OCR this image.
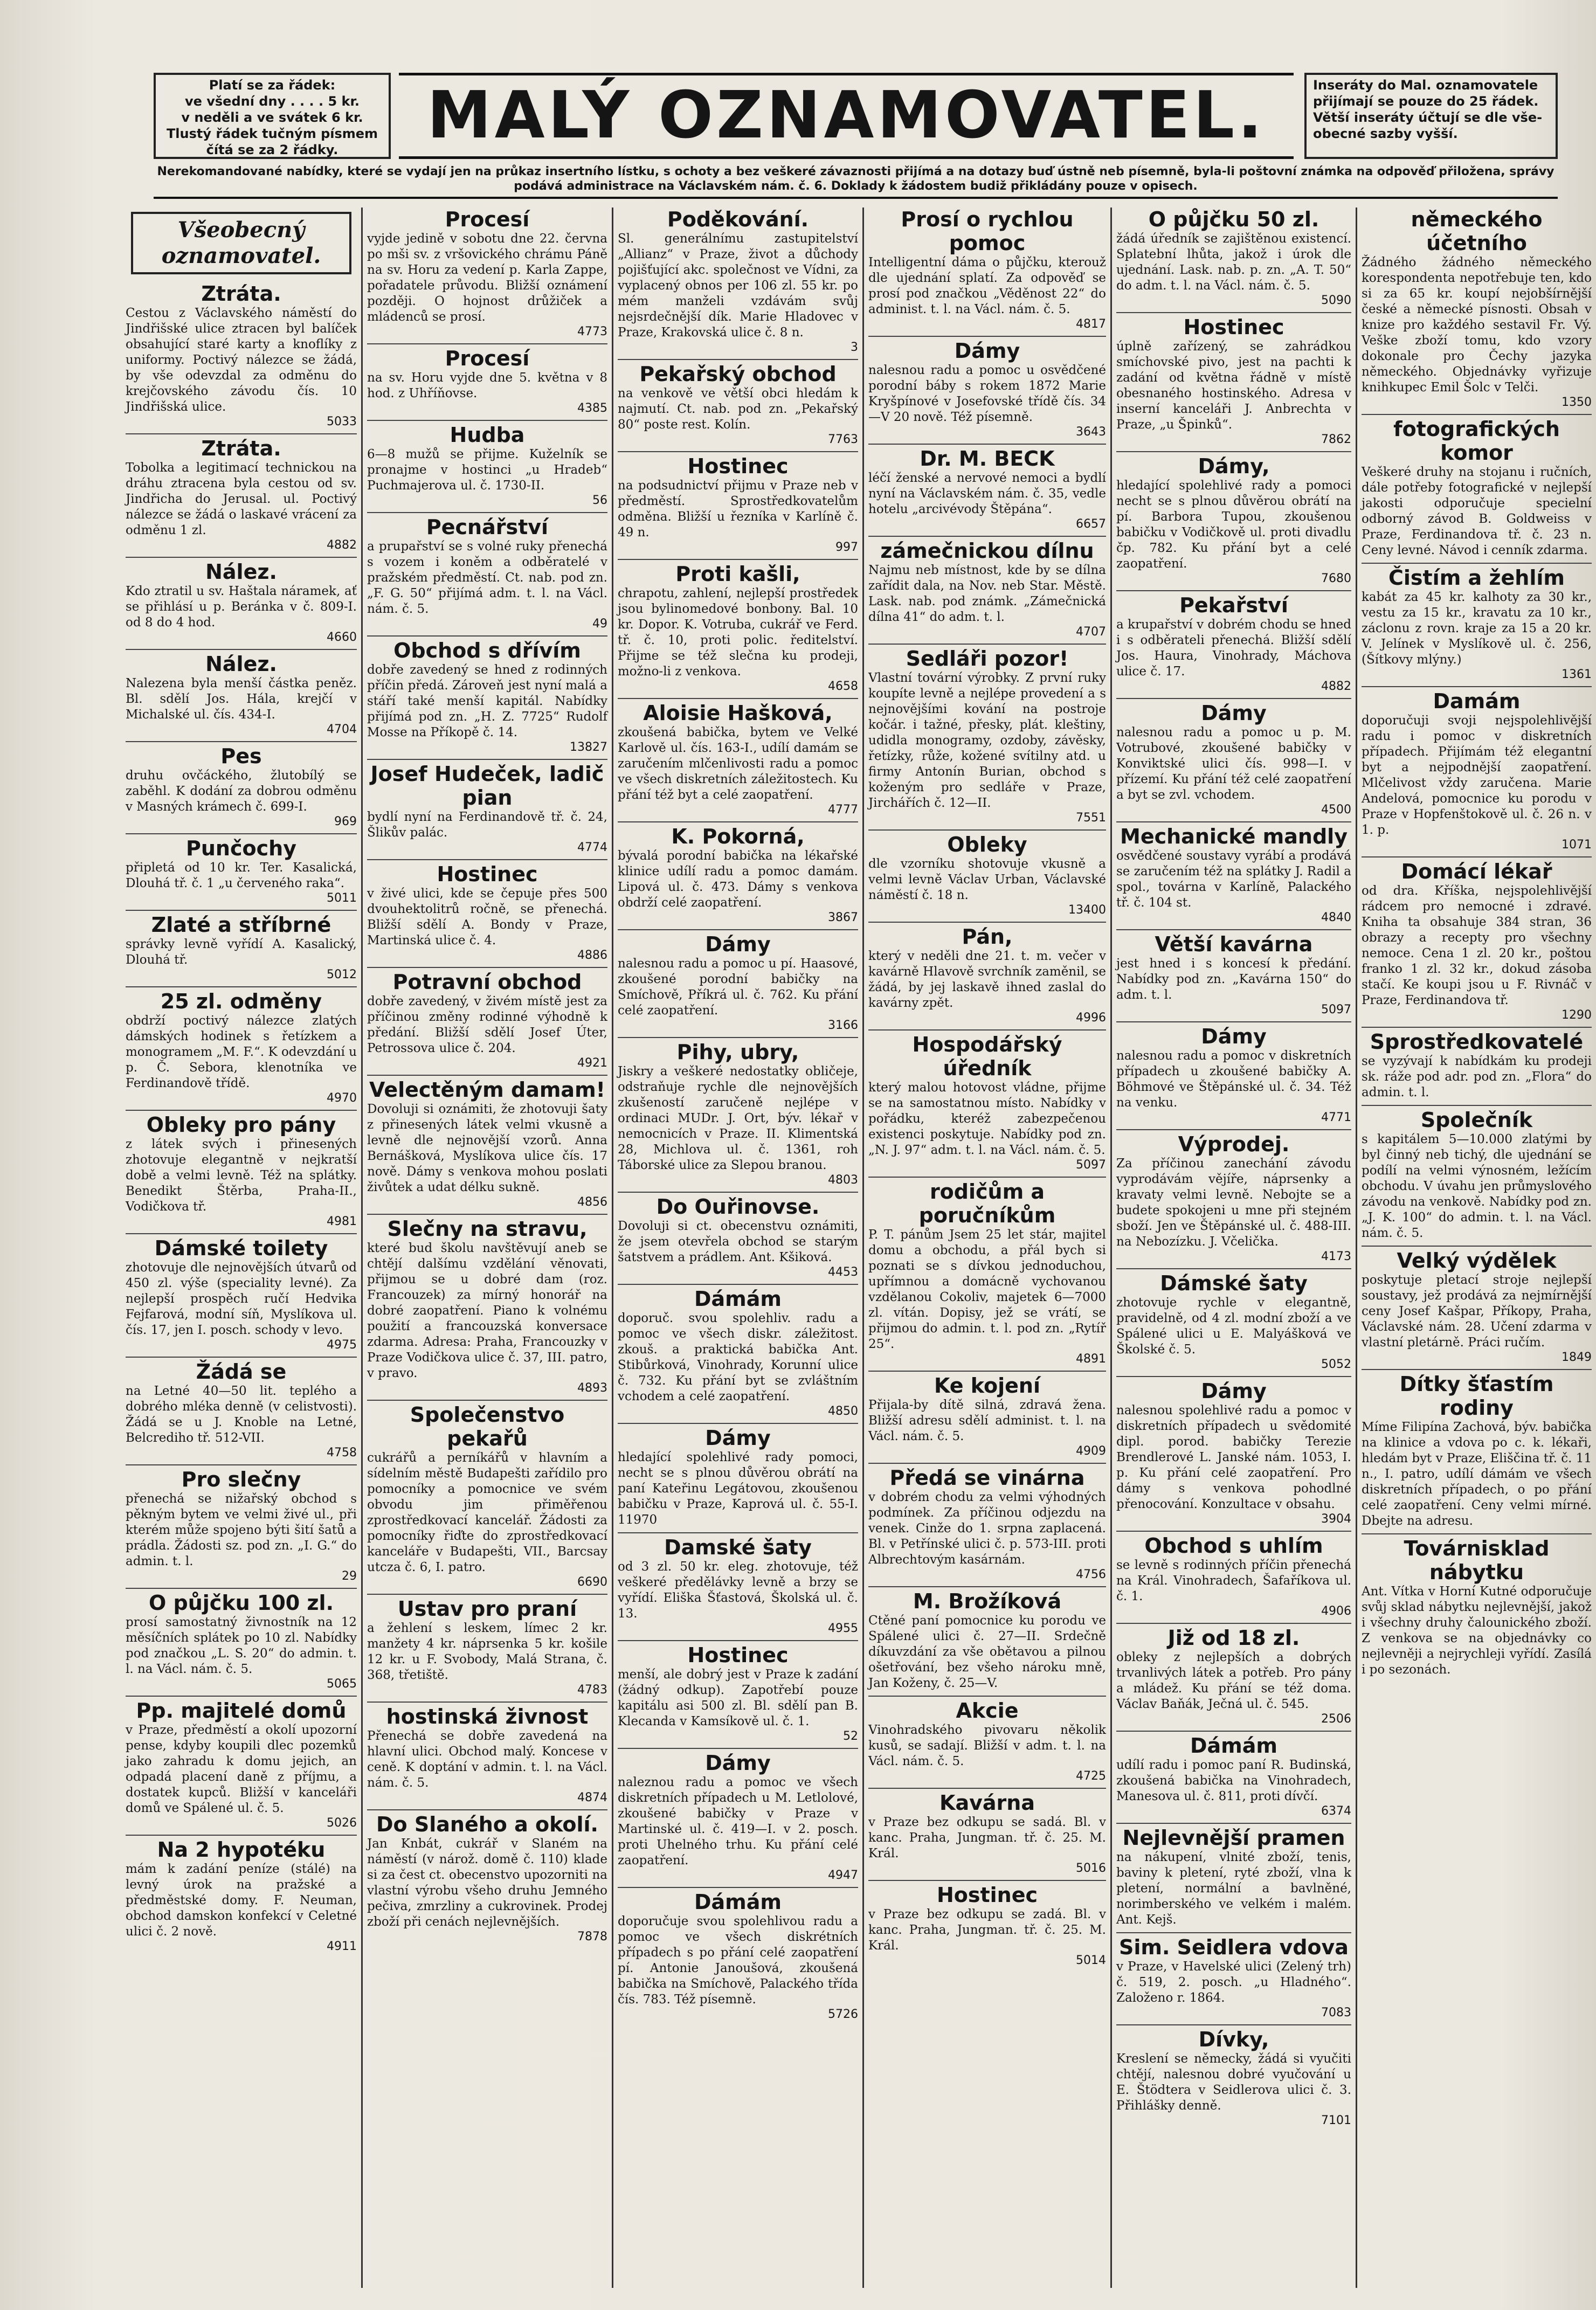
Platí se za řádek:
ve všední dny . . . . 5 kr.
v neděli a ve svátek 6 kr.
Tlustý řádek tučným písmem
čítá se za 2 řádky.	MALÝ OZNAMOVATEL.	Inseráty do Mal. oznamovatele
přijímají se pouze do 25 řádek.
Větší inseráty účtují se dle vše-
obecné sazby vyšší.
Nerekomandované nabídky, které se vydají jen na průkaz insertního lístku, s ochoty a bez veškeré závaznosti přijímá a na dotazy buď ústně neb písemně, byla-li poštovní známka na odpověď přiložena, správy podává administrace na Václavském nám. č. 6. Doklady k žádostem budiž přikládány pouze v opisech.
Všeobecný oznamovatel.
Ztráta.

Cestou z Václavského náměstí do Jindřišské ulice ztracen byl balíček obsahující staré karty a knoflíky z uniformy. Poctivý nálezce se žádá, by vše odevzdal za odměnu do krejčovského závodu čís. 10 Jindřišská ulice.

5033
Ztráta.

Tobolka a legitimací technickou na dráhu ztracena byla cestou od sv. Jindřicha do Jerusal. ul. Poctivý nálezce se žádá o laskavé vrácení za odměnu 1 zl.

4882
Nález.

Kdo ztratil u sv. Haštala náramek, ať se přihlásí u p. Beránka v č. 809-I. od 8 do 4 hod.

4660
Nález.

Nalezena byla menší částka peněz. Bl. sdělí Jos. Hála, krejčí v Michalské ul. čís. 434-I.

4704
Pes

druhu ovčáckého, žlutobílý se zaběhl. K dodání za dobrou odměnu v Masných krámech č. 699-I.

969
Punčochy

připletá od 10 kr. Ter. Kasalická, Dlouhá tř. č. 1 „u červeného raka“.

5011
Zlaté a stříbrné

správky levně vyřídí A. Kasalický, Dlouhá tř.

5012
25 zl. odměny

obdrží poctivý nálezce zlatých dámských hodinek s řetízkem a monogramem „M. F.“. K odevzdání u p. Č. Sebora, klenotníka ve Ferdinandově třídě.

4970
Obleky pro pány

z látek svých i přinesených zhotovuje elegantně v nejkratší době a velmi levně. Též na splátky. Benedikt Štěrba, Praha-II., Vodičkova tř.

4981
Dámské toilety

zhotovuje dle nejnovějších útvarů od 450 zl. výše (speciality levné). Za nejlepší prospěch ručí Hedvika Fejfarová, modní síň, Myslíkova ul. čís. 17, jen I. posch. schody v levo.

4975
Žádá se

na Letné 40—50 lit. teplého a dobrého mléka denně (v celistvosti). Žádá se u J. Knoble na Letné, Belcrediho tř. 512-VII.

4758
Pro slečny

přenechá se nižařský obchod s pěkným bytem ve velmi živé ul., při kterém může spojeno býti šití šatů a prádla. Žádosti sz. pod zn. „I. G.“ do admin. t. l.

29
O půjčku 100 zl.

prosí samostatný živnostník na 12 měsíčních splátek po 10 zl. Nabídky pod značkou „L. S. 20“ do admin. t. l. na Václ. nám. č. 5.

5065
Pp. majitelé domů

v Praze, předměstí a okolí upozorní pense, kdyby koupili dlec pozemků jako zahradu k domu jejich, an odpadá placení daně z příjmu, a dostatek kupců. Bližší v kanceláři domů ve Spálené ul. č. 5.

5026
Na 2 hypotéku

mám k zadání peníze (stálé) na levný úrok na pražské a předměstské domy. F. Neuman, obchod damskon konfekcí v Celetné ulici č. 2 nově.

4911
Procesí

vyjde jedině v sobotu dne 22. června po mši sv. z vršovického chrámu Páně na sv. Horu za vedení p. Karla Zappe, pořadatele průvodu. Bližší oznámení později. O hojnost drůžiček a mládenců se prosí.

4773
Procesí

na sv. Horu vyjde dne 5. května v 8 hod. z Uhříňovse.

4385
Hudba

6—8 mužů se přijme. Kuželník se pronajme v hostinci „u Hradeb“ Puchmajerova ul. č. 1730-II.

56
Pecnářství

a prupařství se s volné ruky přenechá s vozem i koněm a odběratelé v pražském předměstí. Ct. nab. pod zn. „F. G. 50“ přijímá adm. t. l. na Václ. nám. č. 5.

49
Obchod s dřívím

dobře zavedený se hned z rodinných příčin předá. Zároveň jest nyní malá a stáří také menší kapitál. Nabídky přijímá pod zn. „H. Z. 7725“ Rudolf Mosse na Příkopě č. 14.

13827
Josef Hudeček, ladič pian

bydlí nyní na Ferdinandově tř. č. 24, Šlikův palác.

4774
Hostinec

v živé ulici, kde se čepuje přes 500 dvouhektolitrů ročně, se přenechá. Bližší sdělí A. Bondy v Praze, Martinská ulice č. 4.

4886
Potravní obchod

dobře zavedený, v živém místě jest za příčinou změny rodinné výhodně k předání. Bližší sdělí Josef Úter, Petrossova ulice č. 204.

4921
Velectěným damam!

Dovoluji si oznámiti, že zhotovuji šaty z přinesených látek velmi vkusně a levně dle nejnovější vzorů. Anna Bernášková, Myslíkova ulice čís. 17 nově. Dámy s venkova mohou poslati živůtek a udat délku sukně.

4856
Slečny na stravu,

které bud školu navštěvují aneb se chtějí dalšímu vzdělání věnovati, přijmou se u dobré dam (roz. Francouzek) za mírný honorář na dobré zaopatření. Piano k volnému použití a francouzská konversace zdarma. Adresa: Praha, Francouzky v Praze Vodičkova ulice č. 37, III. patro, v pravo.

4893
Společenstvo pekařů

cukrářů a perníkářů v hlavním a sídelním městě Budapešti zařídilo pro pomocníky a pomocnice ve svém obvodu jim přiměřenou zprostředkovací kancelář. Žádosti za pomocníky řiďte do zprostředkovací kanceláře v Budapešti, VII., Barcsay utcza č. 6, I. patro.

6690
Ustav pro praní

a žehlení s leskem, límec 2 kr. manžety 4 kr. náprsenka 5 kr. košile 12 kr. u F. Svobody, Malá Strana, č. 368, třetiště.

4783
hostinská živnost

Přenechá se dobře zavedená na hlavní ulici. Obchod malý. Koncese v ceně. K doptání v admin. t. l. na Václ. nám. č. 5.

4874
Do Slaného a okolí.

Jan Knbát, cukrář v Slaném na náměstí (v nárož. domě č. 110) klade si za čest ct. obecenstvo upozorniti na vlastní výrobu všeho druhu Jemného pečiva, zmrzliny a cukrovinek. Prodej zboží při cenách nejlevnějších.

7878
Poděkování.

Sl. generálnímu zastupitelství „Allianz“ v Praze, život a důchody pojišťující akc. společnost ve Vídni, za vyplacený obnos per 106 zl. 55 kr. po mém manželi vzdávám svůj nejsrdečnější dík. Marie Hladovec v Praze, Krakovská ulice č. 8 n.

3
Pekařský obchod

na venkově ve větší obci hledám k najmutí. Ct. nab. pod zn. „Pekařský 80“ poste rest. Kolín.

7763
Hostinec

na podsudnictví přijmu v Praze neb v předměstí. Sprostředkovatelům odměna. Bližší u řezníka v Karlíně č. 49 n.

997
Proti kašli,

chrapotu, zahlení, nejlepší prostředek jsou bylinomedové bonbony. Bal. 10 kr. Dopor. K. Votruba, cukrář ve Ferd. tř. č. 10, proti polic. ředitelství. Přijme se též slečna ku prodeji, možno-li z venkova.

4658
Aloisie Hašková,

zkoušená babička, bytem ve Velké Karlově ul. čís. 163-I., udílí damám se zaručením mlčenlivosti radu a pomoc ve všech diskretních záležitostech. Ku přání též byt a celé zaopatření.

4777
K. Pokorná,

bývalá porodní babička na lékařské klinice udílí radu a pomoc damám. Lipová ul. č. 473. Dámy s venkova obdrží celé zaopatření.

3867
Dámy

nalesnou radu a pomoc u pí. Haasové, zkoušené porodní babičky na Smíchově, Příkrá ul. č. 762. Ku přání celé zaopatření.

3166
Pihy, ubry,

Jiskry a veškeré nedostatky obličeje, odstraňuje rychle dle nejnovějších zkušeností zaručeně nejlépe v ordinaci MUDr. J. Ort, býv. lékař v nemocnicích v Praze. II. Klimentská 28, Michlova ul. č. 1361, roh Táborské ulice za Slepou branou.

4803
Do Ouřinovse.

Dovoluji si ct. obecenstvu oznámiti, že jsem otevřela obchod se starým šatstvem a prádlem. Ant. Kšiková.

4453
Dámám

doporuč. svou spolehliv. radu a pomoc ve všech diskr. záležitost. zkouš. a praktická babička Ant. Stibůrková, Vinohrady, Korunní ulice č. 732. Ku přání byt se zvláštním vchodem a celé zaopatření.

4850
Dámy

hledající spolehlivé rady pomoci, necht se s plnou důvěrou obrátí na paní Kateřinu Legátovou, zkoušenou babičku v Praze, Kaprová ul. č. 55-I. 11970

Damské šaty

od 3 zl. 50 kr. eleg. zhotovuje, též veškeré předělávky levně a brzy se vyřídí. Eliška Šťastová, Školská ul. č. 13.

4955
Hostinec

menší, ale dobrý jest v Praze k zadání (žádný odkup). Zapotřebí pouze kapitálu asi 500 zl. Bl. sdělí pan B. Klecanda v Kamsíkově ul. č. 1.

52
Dámy

naleznou radu a pomoc ve všech diskretních případech u M. Letlolové, zkoušené babičky v Praze v Martinské ul. č. 419—I. v 2. posch. proti Uhelného trhu. Ku přání celé zaopatření.

4947
Dámám

doporučuje svou spolehlivou radu a pomoc ve všech diskrétních případech s po přání celé zaopatření pí. Antonie Janoušová, zkoušená babička na Smíchově, Palackého třída čís. 783. Též písemně.

5726
Prosí o rychlou pomoc

Intelligentní dáma o půjčku, kterouž dle ujednání splatí. Za odpověď se prosí pod značkou „Věděnost 22“ do administ. t. l. na Václ. nám. č. 5.

4817
Dámy

nalesnou radu a pomoc u osvědčené porodní báby s rokem 1872 Marie Kryšpínové v Josefovské třídě čís. 34—V 20 nově. Též písemně.

3643
Dr. M. BECK

léčí ženské a nervové nemoci a bydlí nyní na Václavském nám. č. 35, vedle hotelu „arcivévody Štěpána“.

6657
zámečnickou dílnu

Najmu neb místnost, kde by se dílna zařídit dala, na Nov. neb Star. Městě. Lask. nab. pod známk. „Zámečnická dílna 41“ do adm. t. l.

4707
Sedláři pozor!

Vlastní tovární výrobky. Z první ruky koupíte levně a nejlépe provedení a s nejnovějšími kování na postroje kočár. i tažné, přesky, plát. kleštiny, udidla monogramy, ozdoby, závěsky, řetízky, růže, kožené svítilny atd. u firmy Antonín Burian, obchod s koženým pro sedláře v Praze, Jirchářích č. 12—II.

7551
Obleky

dle vzorníku shotovuje vkusně a velmi levně Václav Urban, Václavské náměstí č. 18 n.

13400
Pán,

který v neděli dne 21. t. m. večer v kavárně Hlavově svrchník zaměnil, se žádá, by jej laskavě ihned zaslal do kavárny zpět.

4996
Hospodářský úředník

který malou hotovost vládne, přijme se na samostatnou místo. Nabídky v pořádku, kteréž zabezpečenou existenci poskytuje. Nabídky pod zn. „N. J. 97“ adm. t. l. na Václ. nám. č. 5.

5097
rodičům a poručníkům

P. T. pánům Jsem 25 let stár, majitel domu a obchodu, a přál bych si poznati se s dívkou jednoduchou, upřímnou a domácně vychovanou vzdělanou Cokoliv, majetek 6—7000 zl. vítán. Dopisy, jež se vrátí, se přijmou do admin. t. l. pod zn. „Rytíř 25“.

4891
Ke kojení

Přijala-by dítě silná, zdravá žena. Bližší adresu sdělí administ. t. l. na Václ. nám. č. 5.

4909
Předá se vinárna

v dobrém chodu za velmi výhodných podmínek. Za příčinou odjezdu na venek. Cinže do 1. srpna zaplacená. Bl. v Petřínské ulici č. p. 573-III. proti Albrechtovým kasárnám.

4756
M. Brožíková

Ctěné paní pomocnice ku porodu ve Spálené ulici č. 27—II. Srdečně díkuvzdání za vše obětavou a pilnou ošetřování, bez všeho nároku mně, Jan Koženy, č. 25—V.

Akcie

Vinohradského pivovaru několik kusů, se sadají. Bližší v adm. t. l. na Václ. nám. č. 5.

4725
Kavárna

v Praze bez odkupu se sadá. Bl. v kanc. Praha, Jungman. tř. č. 25. M. Král.

5016
Hostinec

v Praze bez odkupu se zadá. Bl. v kanc. Praha, Jungman. tř. č. 25. M. Král.

5014
O půjčku 50 zl.

žádá úředník se zajištěnou existencí. Splatební lhůta, jakož i úrok dle ujednání. Lask. nab. p. zn. „A. T. 50“ do adm. t. l. na Václ. nám. č. 5.

5090
Hostinec

úplně zařízený, se zahrádkou smíchovské pivo, jest na pachti k zadání od května řádně v místě obesnaného hostinského. Adresa v inserní kanceláři J. Anbrechta v Praze, „u Špinků“.

7862
Dámy,

hledající spolehlivé rady a pomoci necht se s plnou důvěrou obrátí na pí. Barbora Tupou, zkoušenou babičku v Vodičkově ul. proti divadlu čp. 782. Ku přání byt a celé zaopatření.

7680
Pekařství

a krupařství v dobrém chodu se hned i s odběrateli přenechá. Bližší sdělí Jos. Haura, Vinohrady, Máchova ulice č. 17.

4882
Dámy

nalesnou radu a pomoc u p. M. Votrubové, zkoušené babičky v Konviktské ulici čís. 998—I. v přízemí. Ku přání též celé zaopatření a byt se zvl. vchodem.

4500
Mechanické mandly

osvědčené soustavy vyrábí a prodává se zaručením též na splátky J. Radil a spol., továrna v Karlíně, Palackého tř. č. 104 st.

4840
Větší kavárna

jest hned i s koncesí k předání. Nabídky pod zn. „Kavárna 150“ do adm. t. l.

5097
Dámy

nalesnou radu a pomoc v diskretních případech u zkoušené babičky A. Böhmové ve Štěpánské ul. č. 34. Též na venku.

4771
Výprodej.

Za příčinou zanechání závodu vyprodávám vějíře, náprsenky a kravaty velmi levně. Nebojte se a budete spokojeni u mne při stejném sboží. Jen ve Štěpánské ul. č. 488-III. na Nebozízku. J. Včelička.

4173
Dámské šaty

zhotovuje rychle v elegantně, pravidelně, od 4 zl. modní zboží a ve Spálené ulici u E. Malyášková ve Školské č. 5.

5052
Dámy

nalesnou spolehlivé radu a pomoc v diskretních případech u svědomité dipl. porod. babičky Terezie Brendlerové L. Janské nám. 1053, I. p. Ku přání celé zaopatření. Pro dámy s venkova pohodlné přenocování. Konzultace v obsahu.

3904
Obchod s uhlím

se levně s rodinných příčin přenechá na Král. Vinohradech, Šafaříkova ul. č. 1.

4906
Již od 18 zl.

obleky z nejlepších a dobrých trvanlivých látek a potřeb. Pro pány a mládež. Ku přání se též doma. Václav Baňák, Ječná ul. č. 545.

2506
Dámám

udílí radu i pomoc paní R. Budinská, zkoušená babička na Vinohradech, Manesova ul. č. 811, proti dívčí.

6374
Nejlevnější pramen

na nákupení, vlnité zboží, tenis, baviny k pletení, ryté zboží, vlna k pletení, normální a bavlněné, norimberského ve velkém i malém. Ant. Kejš.

Sim. Seidlera vdova

v Praze, v Havelské ulici (Zelený trh) č. 519, 2. posch. „u Hladného“. Založeno r. 1864.

7083
Dívky,

Kreslení se německy, žádá si vyučiti chtějí, nalesnou dobré vyučování u E. Štödtera v Seidlerova ulici č. 3. Přihlášky denně.

7101
německého účetního

Žádného žádného německého korespondenta nepotřebuje ten, kdo si za 65 kr. koupí nejobšírnější české a německé písnosti. Obsah v knize pro každého sestavil Fr. Vý. Veške zboží tomu, kdo vzory dokonale pro Čechy jazyka německého. Objednávky vyřizuje knihkupec Emil Šolc v Telči.

1350
fotografických komor

Veškeré druhy na stojanu i ručních, dále potřeby fotografické v nejlepší jakosti odporučuje specielní odborný závod B. Goldweiss v Praze, Ferdinandova tř. č. 23 n. Ceny levné. Návod i cenník zdarma.

Čistím a žehlím

kabát za 45 kr. kalhoty za 30 kr., vestu za 15 kr., kravatu za 10 kr., záclonu z rovn. kraje za 15 a 20 kr. V. Jelínek v Myslíkově ul. č. 256, (Šítkovy mlýny.)

1361
Damám

doporučuji svoji nejspolehlivější radu i pomoc v diskretních případech. Přijímám též elegantní byt a nejpodnější zaopatření. Mlčelivost vždy zaručena. Marie Andelová, pomocnice ku porodu v Praze v Hopfenštokově ul. č. 26 n. v 1. p.

1071
Domácí lékař

od dra. Kříška, nejspolehlivější rádcem pro nemocné i zdravé. Kniha ta obsahuje 384 stran, 36 obrazy a recepty pro všechny nemoce. Cena 1 zl. 20 kr., poštou franko 1 zl. 32 kr., dokud zásoba stačí. Ke koupi jsou u F. Rivnáč v Praze, Ferdinandova tř.

1290
Sprostředkovatelé

se vyzývají k nabídkám ku prodeji sk. ráže pod adr. pod zn. „Flora“ do admin. t. l.

Společník

s kapitálem 5—10.000 zlatými by byl činný neb tichý, dle ujednání se podílí na velmi výnosném, ležícím obchodu. V úvahu jen průmyslového závodu na venkově. Nabídky pod zn. „J. K. 100“ do admin. t. l. na Václ. nám. č. 5.

Velký výdělek

poskytuje pletací stroje nejlepší soustavy, jež prodává za nejmírnější ceny Josef Kašpar, Příkopy, Praha, Václavské nám. 28. Učení zdarma v vlastní pletárně. Práci ručím.

1849
Dítky šťastím rodiny

Míme Filipína Zachová, býv. babička na klinice a vdova po c. k. lékaři, hledám byt v Praze, Eliščina tř. č. 11 n., I. patro, udílí dámám ve všech diskretních případech, o po přání celé zaopatření. Ceny velmi mírné. Dbejte na adresu.

Továrnisklad nábytku

Ant. Vítka v Horní Kutné odporučuje svůj sklad nábytku nejlevnější, jakož i všechny druhy čalounického zboží. Z venkova se na objednávky co nejlevněji a nejrychleji vyřídí. Zasílá i po sezonách.
